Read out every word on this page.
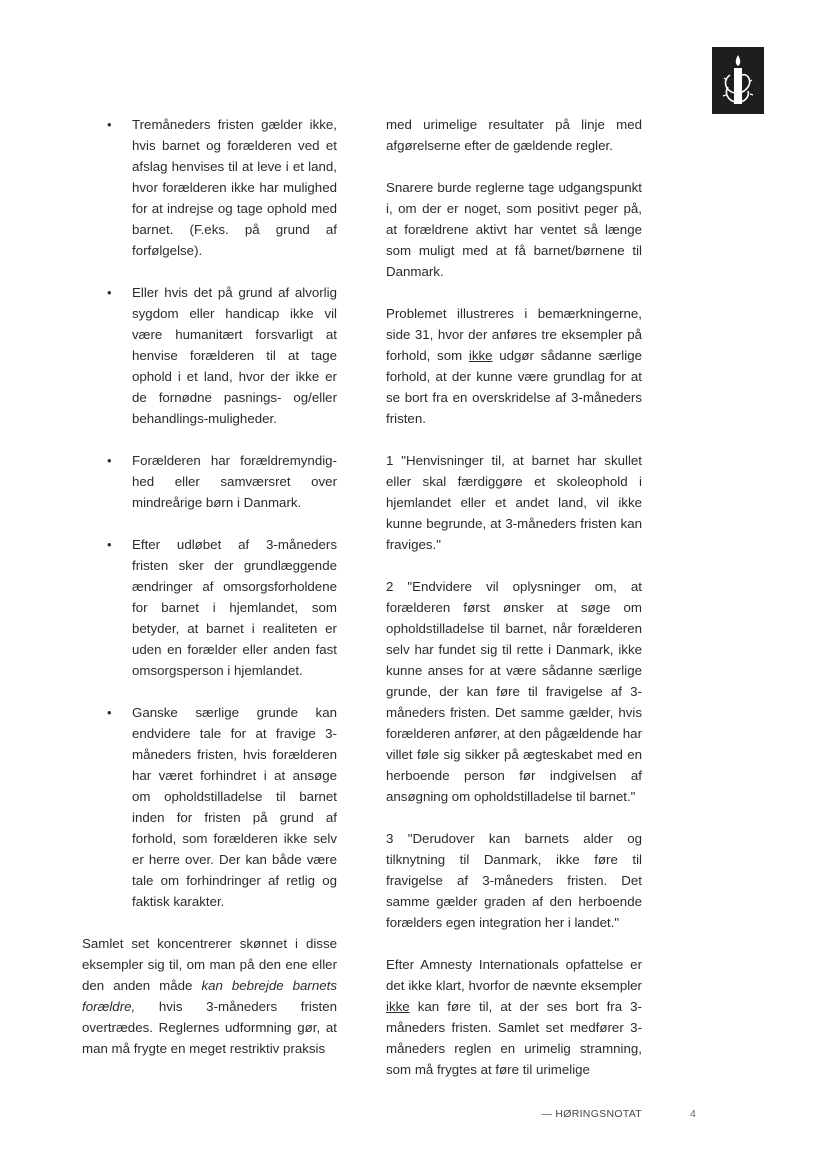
• Tremåneders fristen gælder ikke, hvis barnet og forælderen ved et afslag henvises til at leve i et land, hvor forælderen ikke har mulighed for at indrejse og tage ophold med barnet. (F.eks. på grund af forfølgelse).
• Eller hvis det på grund af alvorlig sygdom eller handicap ikke vil være humanitært forsvarligt at henvise forælderen til at tage ophold i et land, hvor der ikke er de fornødne pasnings- og/eller behandlings-muligheder.
• Forælderen har forældremyndig-hed eller samværsret over mindreårige børn i Danmark.
• Efter udløbet af 3-måneders fristen sker der grundlæggende ændringer af omsorgsforholdene for barnet i hjemlandet, som betyder, at barnet i realiteten er uden en forælder eller anden fast omsorgsperson i hjemlandet.
• Ganske særlige grunde kan endvidere tale for at fravige 3-måneders fristen, hvis forælderen har været forhindret i at ansøge om opholdstilladelse til barnet inden for fristen på grund af forhold, som forælderen ikke selv er herre over. Der kan både være tale om forhindringer af retlig og faktisk karakter.

Samlet set koncentrerer skønnet i disse eksempler sig til, om man på den ene eller den anden måde kan bebrejde barnets forældre, hvis 3-måneders fristen overtrædes. Reglernes udformning gør, at man må frygte en meget restriktiv praksis

med urimelige resultater på linje med afgørelserne efter de gældende regler.

Snarere burde reglerne tage udgangspunkt i, om der er noget, som positivt peger på, at forældrene aktivt har ventet så længe som muligt med at få barnet/børnene til Danmark.

Problemet illustreres i bemærkningerne, side 31, hvor der anføres tre eksempler på forhold, som ikke udgør sådanne særlige forhold, at der kunne være grundlag for at se bort fra en overskridelse af 3-måneders fristen.

1 "Henvisninger til, at barnet har skullet eller skal færdiggøre et skoleophold i hjemlandet eller et andet land, vil ikke kunne begrunde, at 3-måneders fristen kan fraviges."

2 "Endvidere vil oplysninger om, at forælderen først ønsker at søge om opholdstilladelse til barnet, når forælderen selv har fundet sig til rette i Danmark, ikke kunne anses for at være sådanne særlige grunde, der kan føre til fravigelse af 3-måneders fristen. Det samme gælder, hvis forælderen anfører, at den pågældende har villet føle sig sikker på ægteskabet med en herboende person før indgivelsen af ansøgning om opholdstilladelse til barnet."

3 "Derudover kan barnets alder og tilknytning til Danmark, ikke føre til fravigelse af 3-måneders fristen. Det samme gælder graden af den herboende forælders egen integration her i landet."

Efter Amnesty Internationals opfattelse er det ikke klart, hvorfor de nævnte eksempler ikke kan føre til, at der ses bort fra 3-måneders fristen. Samlet set medfører 3-måneders reglen en urimelig stramning, som må frygtes at føre til urimelige

— HØRINGSNOTAT	4
